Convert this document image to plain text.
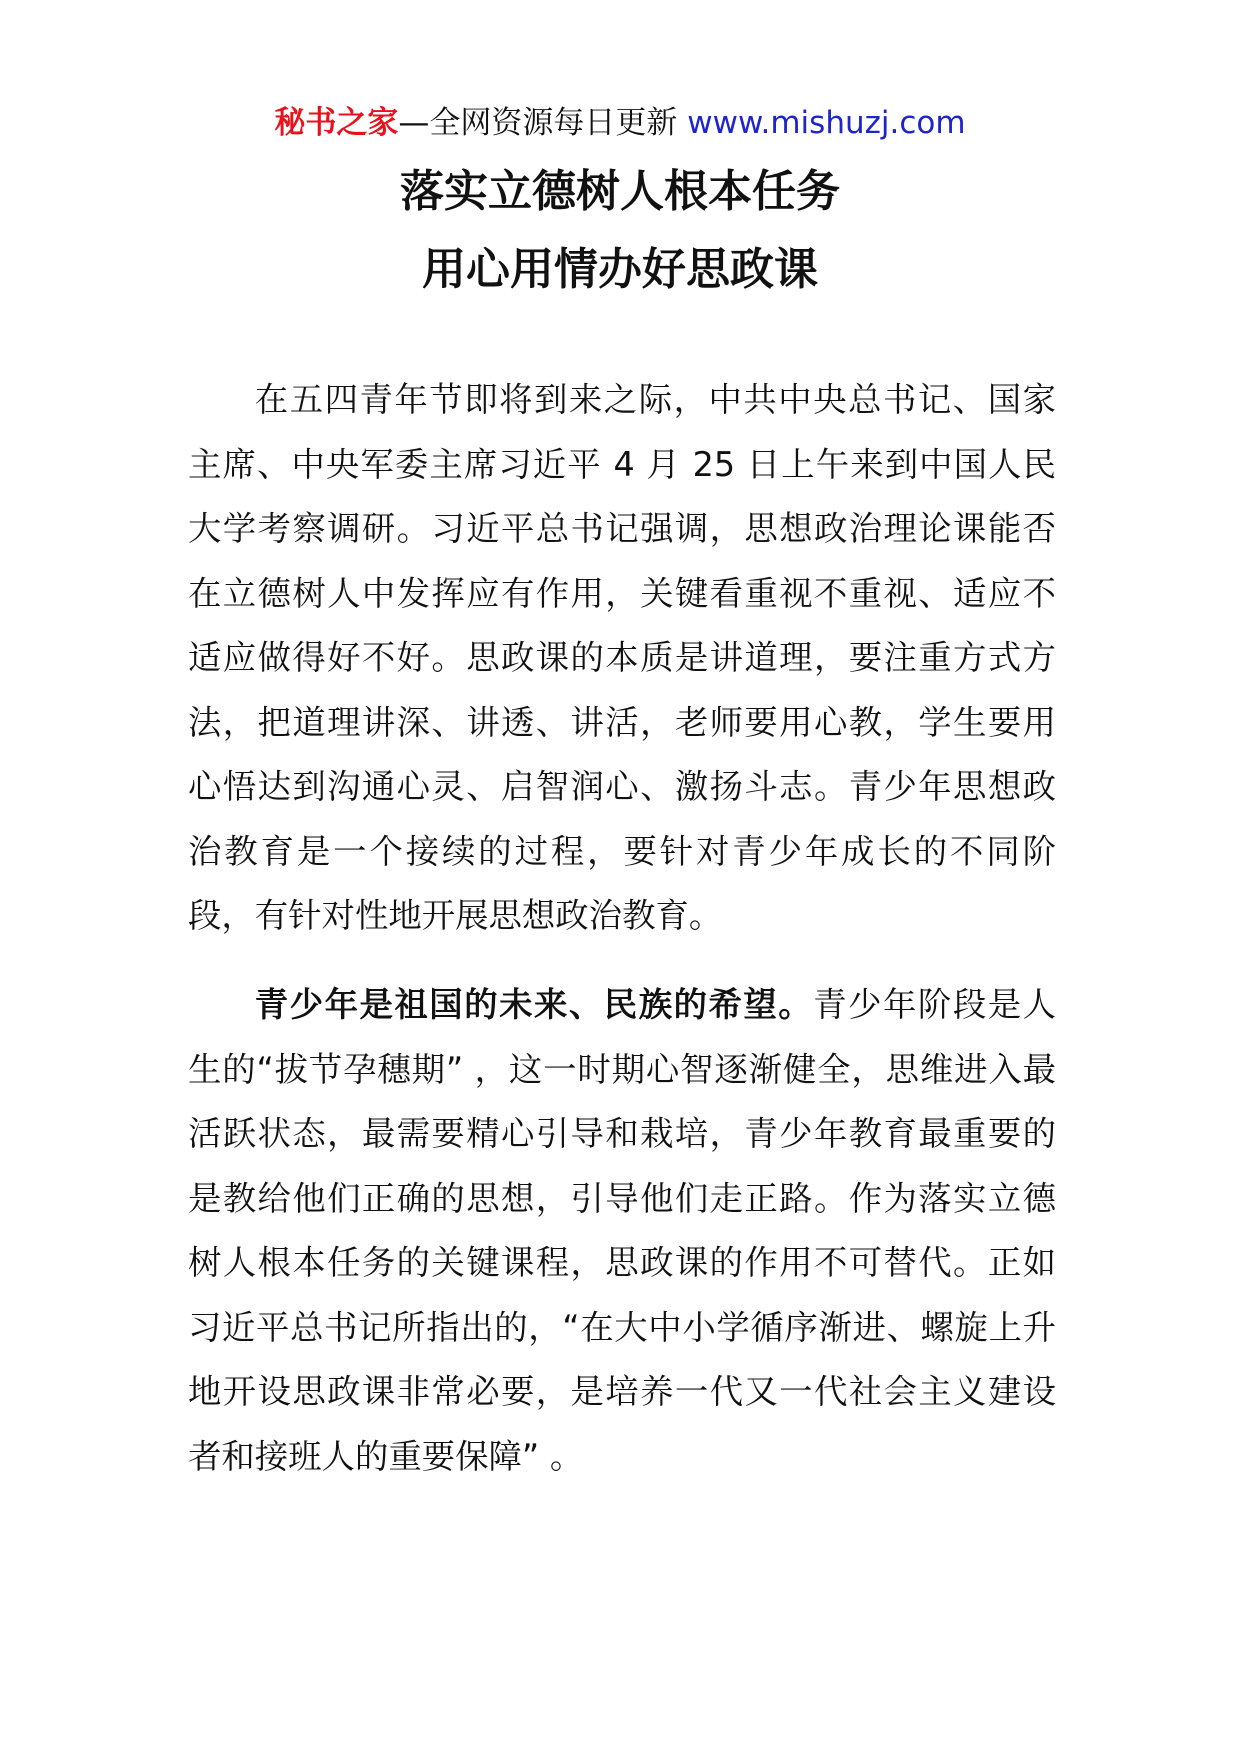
秘书之家—全网资源每日更新 www.mishuzj.com
落实立德树人根本任务
用心用情办好思政课

在五四青年节即将到来之际，中共中央总书记、国家主席、中央军委主席习近平 4 月 25 日上午来到中国人民大学考察调研。习近平总书记强调，思想政治理论课能否在立德树人中发挥应有作用，关键看重视不重视、适应不适应做得好不好。思政课的本质是讲道理，要注重方式方法，把道理讲深、讲透、讲活，老师要用心教，学生要用心悟达到沟通心灵、启智润心、激扬斗志。青少年思想政治教育是一个接续的过程，要针对青少年成长的不同阶段，有针对性地开展思想政治教育。

青少年是祖国的未来、民族的希望。青少年阶段是人生的“拔节孕穗期” ，这一时期心智逐渐健全，思维进入最活跃状态，最需要精心引导和栽培，青少年教育最重要的是教给他们正确的思想，引导他们走正路。作为落实立德树人根本任务的关键课程，思政课的作用不可替代。正如习近平总书记所指出的，“在大中小学循序渐进、螺旋上升地开设思政课非常必要，是培养一代又一代社会主义建设者和接班人的重要保障” 。
